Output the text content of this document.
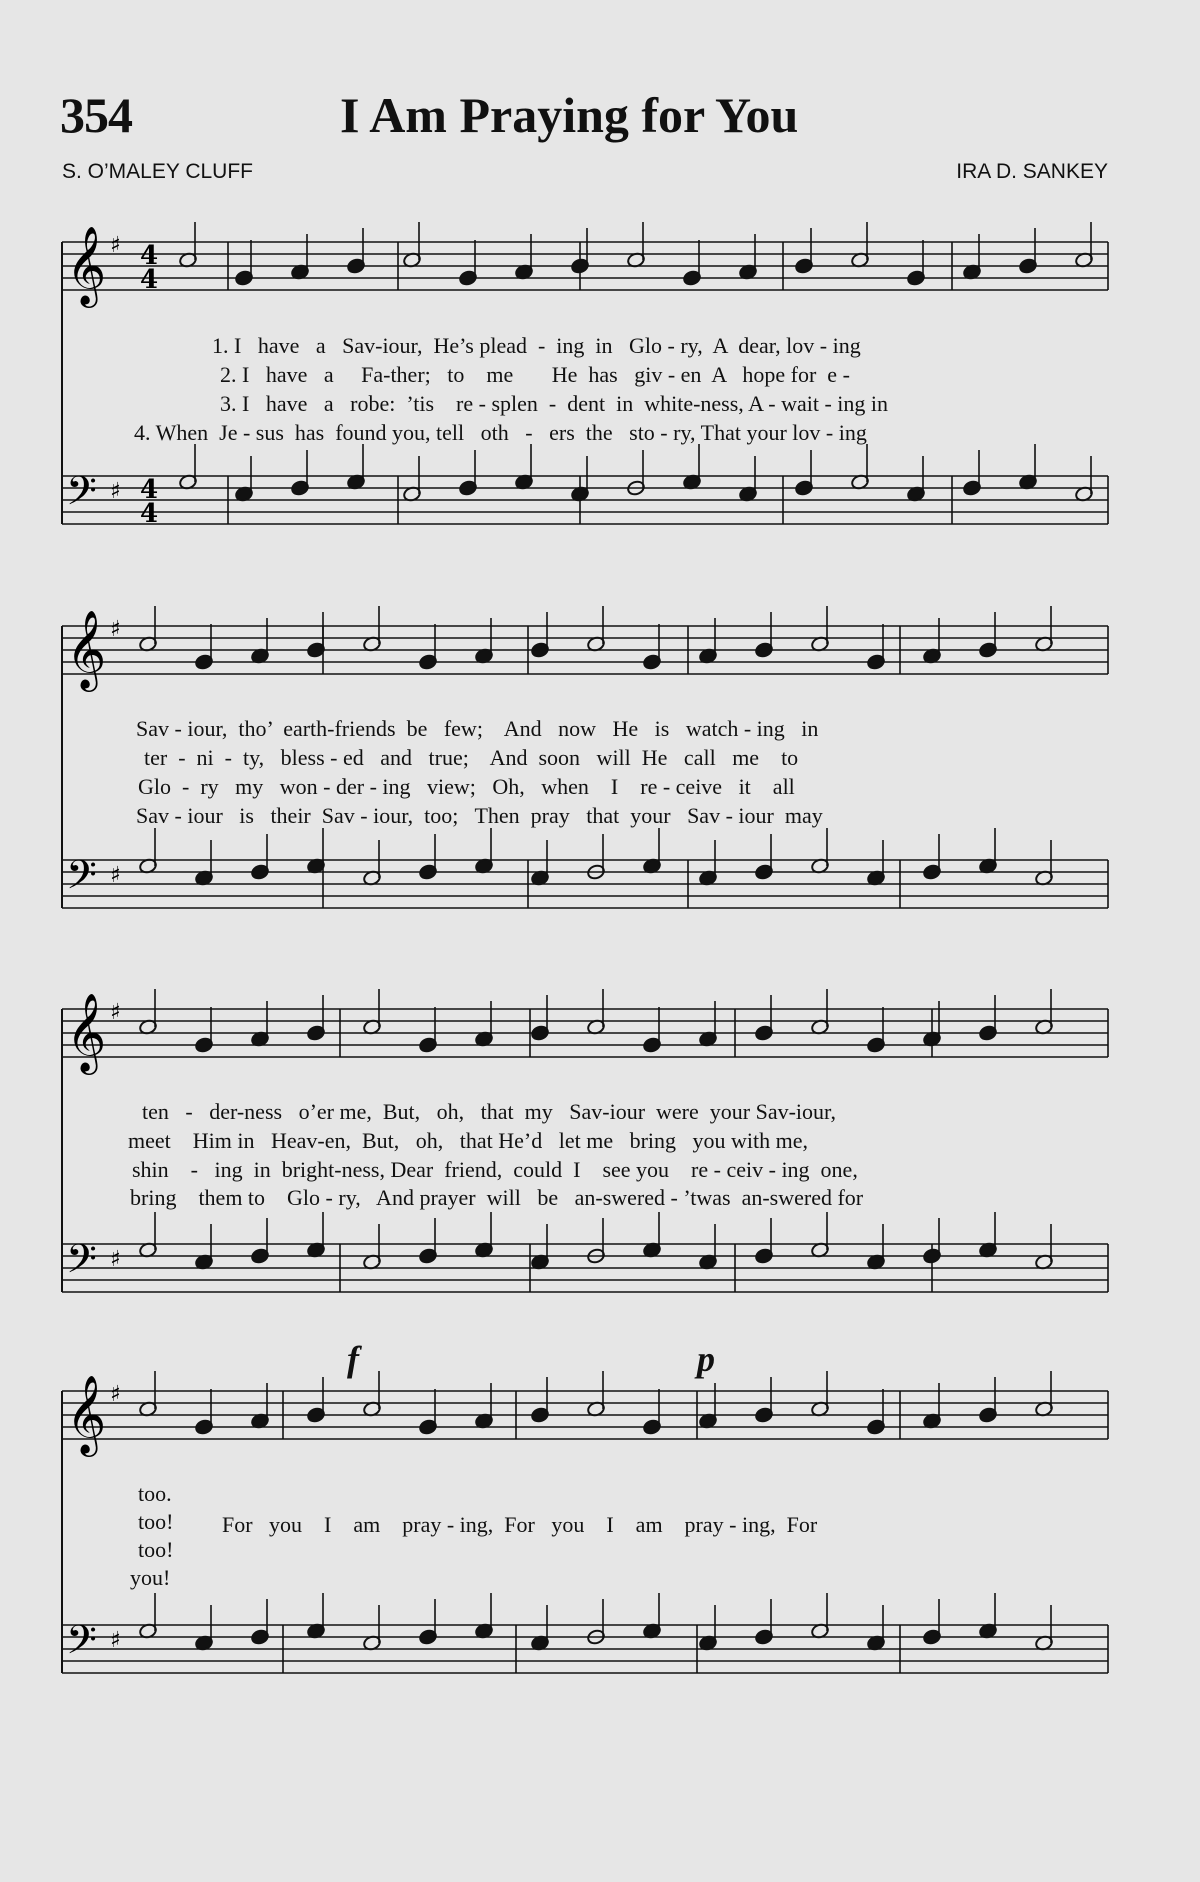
354	I Am Praying for You
S. O’MALEY CLUFF	IRA D. SANKEY
𝄞 ♯ 4
4
𝄢 ♯ 4
4
𝄞 ♯
𝄢 ♯
𝄞 ♯
𝄢 ♯
𝄞 ♯
𝄢 ♯
1. I   have   a   Sav-iour,  He’s plead  -  ing  in   Glo - ry,  A  dear, lov - ing
2. I   have   a     Fa-ther;   to    me       He  has   giv - en  A   hope for  e -
3. I   have   a   robe:  ’tis    re - splen  -  dent  in  white-ness, A - wait - ing in
4. When  Je - sus  has  found you, tell   oth   -   ers  the   sto - ry, That your lov - ing
Sav - iour,  tho’  earth-friends  be   few;    And   now   He   is   watch - ing   in
ter  -  ni  -  ty,   bless - ed   and   true;    And  soon   will  He   call   me    to
Glo  -  ry   my   won - der - ing   view;   Oh,   when    I    re - ceive   it    all
Sav - iour   is   their  Sav - iour,  too;   Then  pray   that  your   Sav - iour  may
ten   -   der-ness   o’er me,  But,   oh,   that  my   Sav-iour  were  your Sav-iour,
meet    Him in   Heav-en,  But,   oh,   that He’d   let me   bring   you with me,
shin    -   ing  in  bright-ness, Dear  friend,  could  I    see you    re - ceiv - ing  one,
bring    them to    Glo - ry,   And prayer  will   be   an-swered - ’twas  an-swered for
f	p
too.
too!
too!
you!
For   you    I    am    pray - ing,  For   you    I    am    pray - ing,  For
